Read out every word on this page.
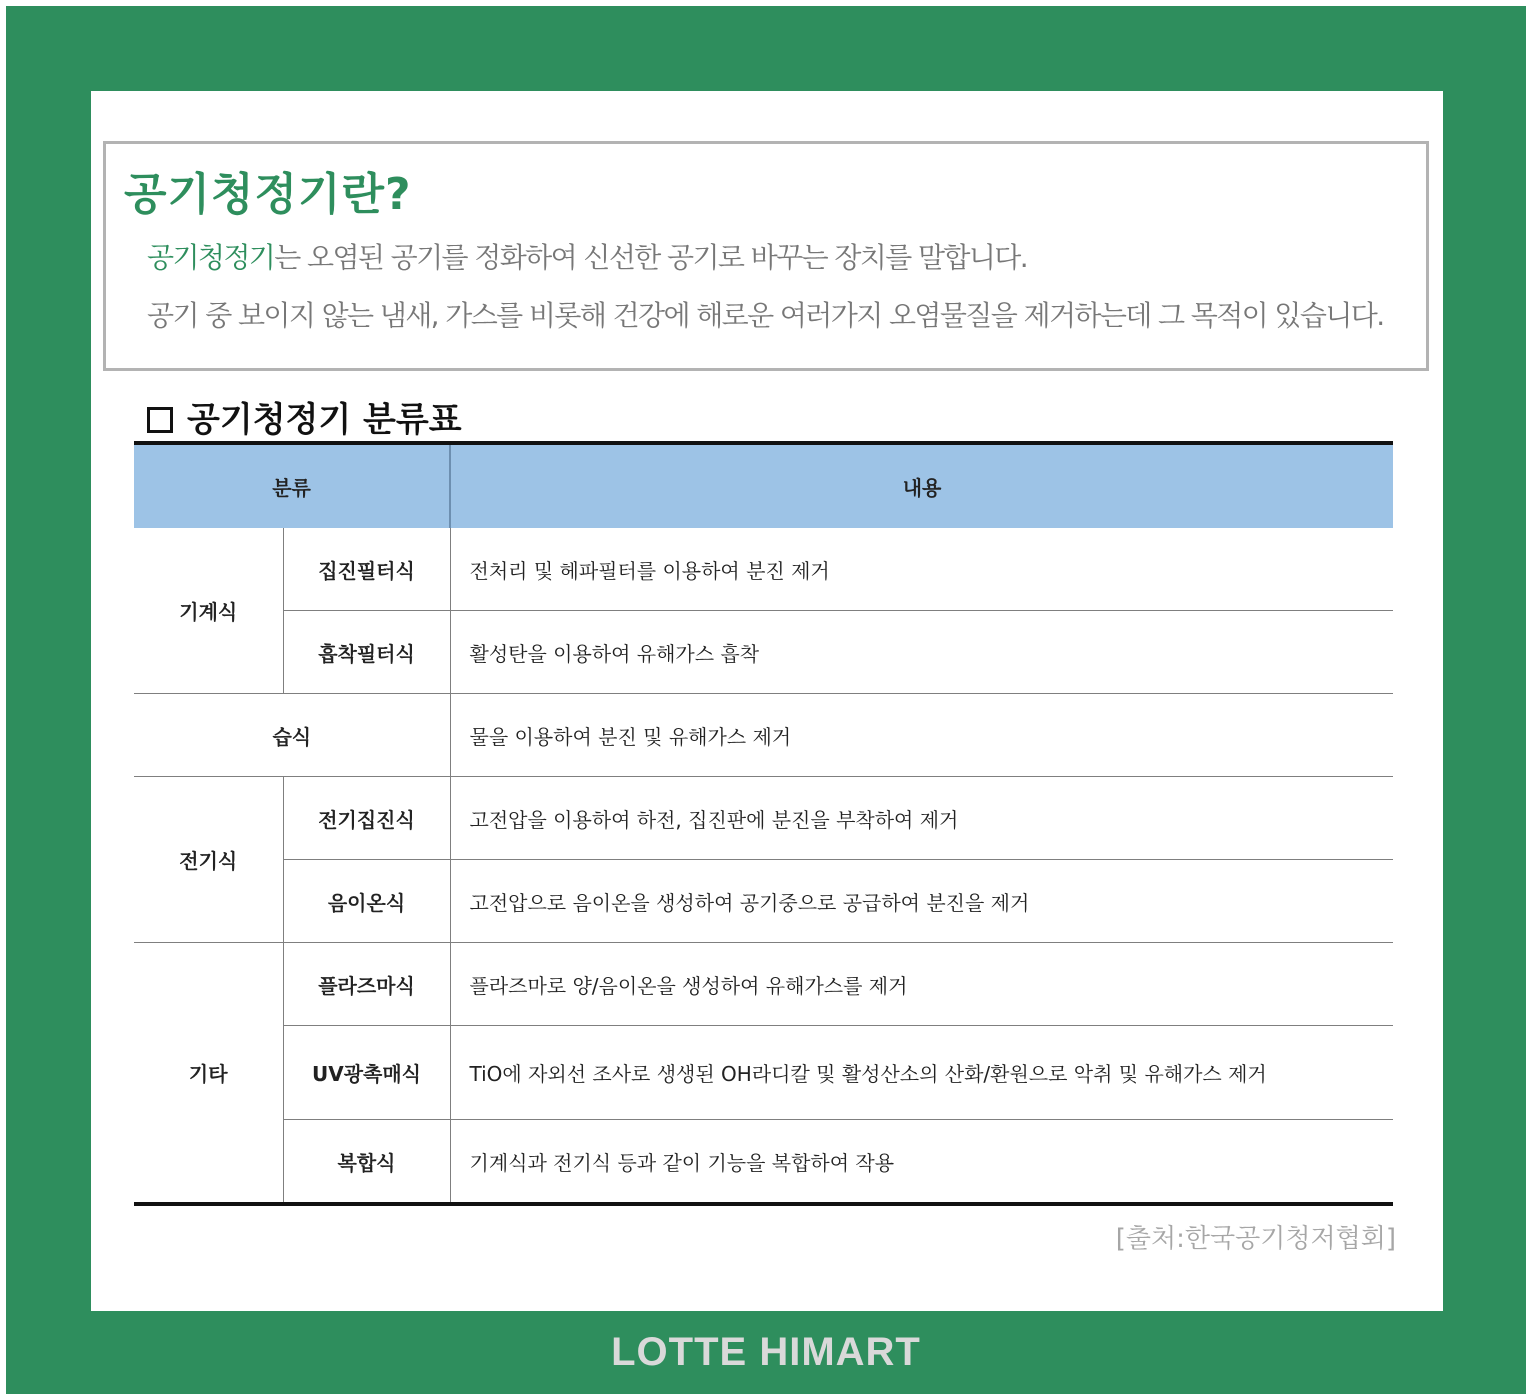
공기청정기란?
공기청정기는 오염된 공기를 정화하여 신선한 공기로 바꾸는 장치를 말합니다.
공기 중 보이지 않는 냄새, 가스를 비롯해 건강에 해로운 여러가지 오염물질을 제거하는데 그 목적이 있습니다.
공기청정기 분류표
분류		내용
기계식	집진필터식	전처리 및 헤파필터를 이용하여 분진 제거
	흡착필터식	활성탄을 이용하여 유해가스 흡착
습식		물을 이용하여 분진 및 유해가스 제거
전기식	전기집진식	고전압을 이용하여 하전, 집진판에 분진을 부착하여 제거
	음이온식	고전압으로 음이온을 생성하여 공기중으로 공급하여 분진을 제거
기타	플라즈마식	플라즈마로 양/음이온을 생성하여 유해가스를 제거
	UV광촉매식	TiO에 자외선 조사로 생생된 OH라디칼 및 활성산소의 산화/환원으로 악취 및 유해가스 제거
	복합식	기계식과 전기식 등과 같이 기능을 복합하여 작용
[출처:한국공기청저협회]
LOTTE HIMART
